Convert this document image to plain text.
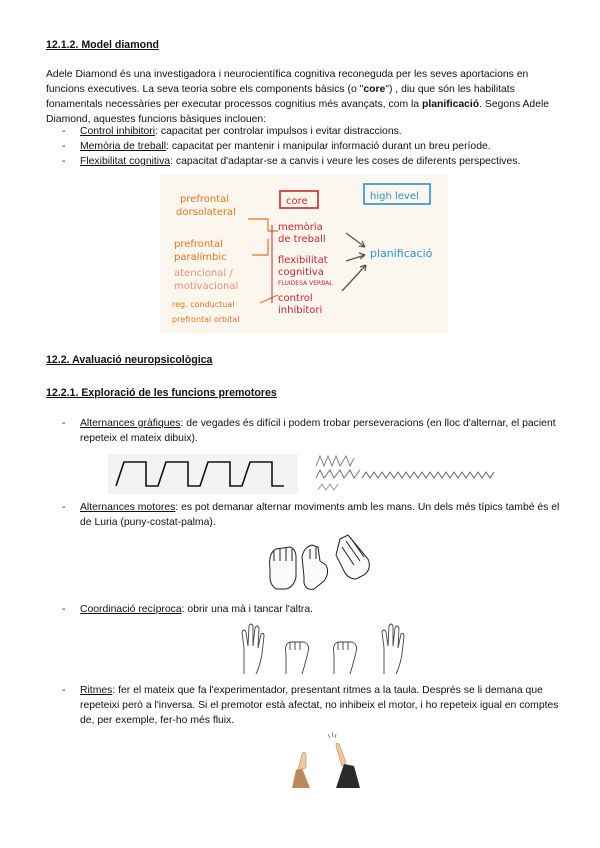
12.1.2. Model diamond
Adele Diamond és una investigadora i neurocientífica cognitiva reconeguda per les seves aportacions en funcions executives. La seva teoria sobre els components bàsics (o "core") , diu que són les habilitats fonamentals necessàries per executar processos cognitius més avançats, com la planificació. Segons Adele Diamond, aquestes funcions bàsiques inclouen:
- Control inhibitori: capacitat per controlar impulsos i evitar distraccions.
- Memòria de treball: capacitat per mantenir i manipular informació durant un breu període.
- Flexibilitat cognitiva: capacitat d'adaptar-se a canvis i veure les coses de diferents perspectives.
prefrontal
dorsolateral
prefrontal
paralímbic
atencional /
motivacional
reg. conductual
prefrontal orbital
core	high level
memòria
de treball
flexibilitat
cognitiva
FLUIDESA VERBAL
control
inhibitori
planificació
12.2. Avaluació neuropsicològica
12.2.1. Exploració de les funcions premotores
- Alternances gràfiques: de vegades és difícil i podem trobar perseveracions (en lloc d'alternar, el pacient repeteix el mateix dibuix).
- Alternances motores: es pot demanar alternar moviments amb les mans. Un dels més típics també és el de Luria (puny-costat-palma).
- Coordinació recíproca: obrir una mà i tancar l'altra.
- Ritmes: fer el mateix que fa l'experimentador, presentant ritmes a la taula. Després se li demana que repeteixi però a l'inversa. Si el premotor està afectat, no inhibeix el motor, i ho repeteix igual en comptes de, per exemple, fer-ho més fluix.
